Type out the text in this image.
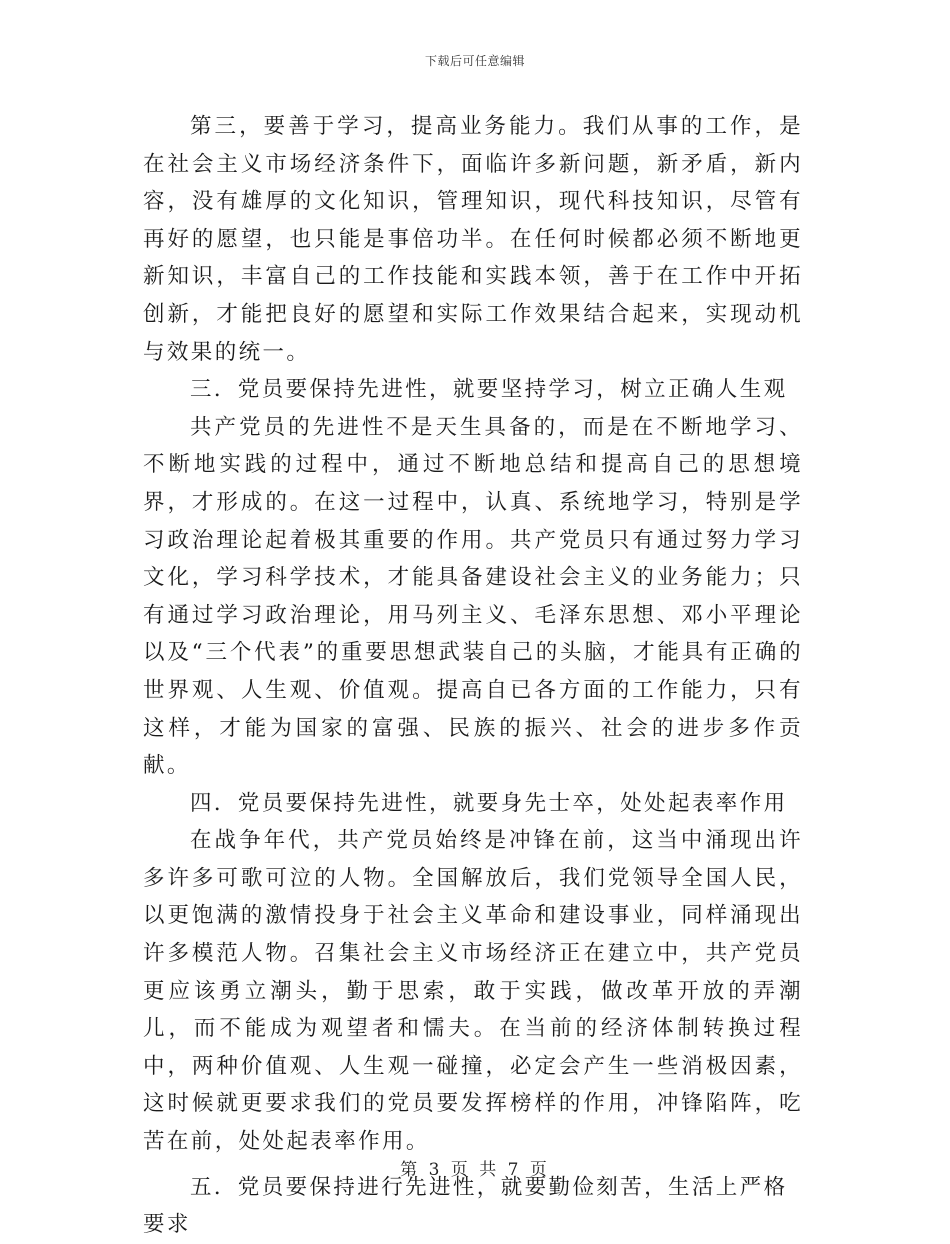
下载后可任意编辑

第三，要善于学习，提高业务能力。我们从事的工作，是在社会主义市场经济条件下，面临许多新问题，新矛盾，新内容，没有雄厚的文化知识，管理知识，现代科技知识，尽管有再好的愿望，也只能是事倍功半。在任何时候都必须不断地更新知识，丰富自己的工作技能和实践本领，善于在工作中开拓创新，才能把良好的愿望和实际工作效果结合起来，实现动机与效果的统一。

三．党员要保持先进性，就要坚持学习，树立正确人生观

共产党员的先进性不是天生具备的，而是在不断地学习、不断地实践的过程中，通过不断地总结和提高自己的思想境界，才形成的。在这一过程中，认真、系统地学习，特别是学习政治理论起着极其重要的作用。共产党员只有通过努力学习文化，学习科学技术，才能具备建设社会主义的业务能力；只有通过学习政治理论，用马列主义、毛泽东思想、邓小平理论以及“三个代表”的重要思想武装自己的头脑，才能具有正确的世界观、人生观、价值观。提高自已各方面的工作能力，只有这样，才能为国家的富强、民族的振兴、社会的进步多作贡献。

四．党员要保持先进性，就要身先士卒，处处起表率作用

在战争年代，共产党员始终是冲锋在前，这当中涌现出许多许多可歌可泣的人物。全国解放后，我们党领导全国人民，以更饱满的激情投身于社会主义革命和建设事业，同样涌现出许多模范人物。召集社会主义市场经济正在建立中，共产党员更应该勇立潮头，勤于思索，敢于实践，做改革开放的弄潮儿，而不能成为观望者和懦夫。在当前的经济体制转换过程中，两种价值观、人生观一碰撞，必定会产生一些消极因素，这时候就更要求我们的党员要发挥榜样的作用，冲锋陷阵，吃苦在前，处处起表率作用。

五．党员要保持进行先进性，就要勤俭刻苦，生活上严格要求

第 3 页 共 7 页
